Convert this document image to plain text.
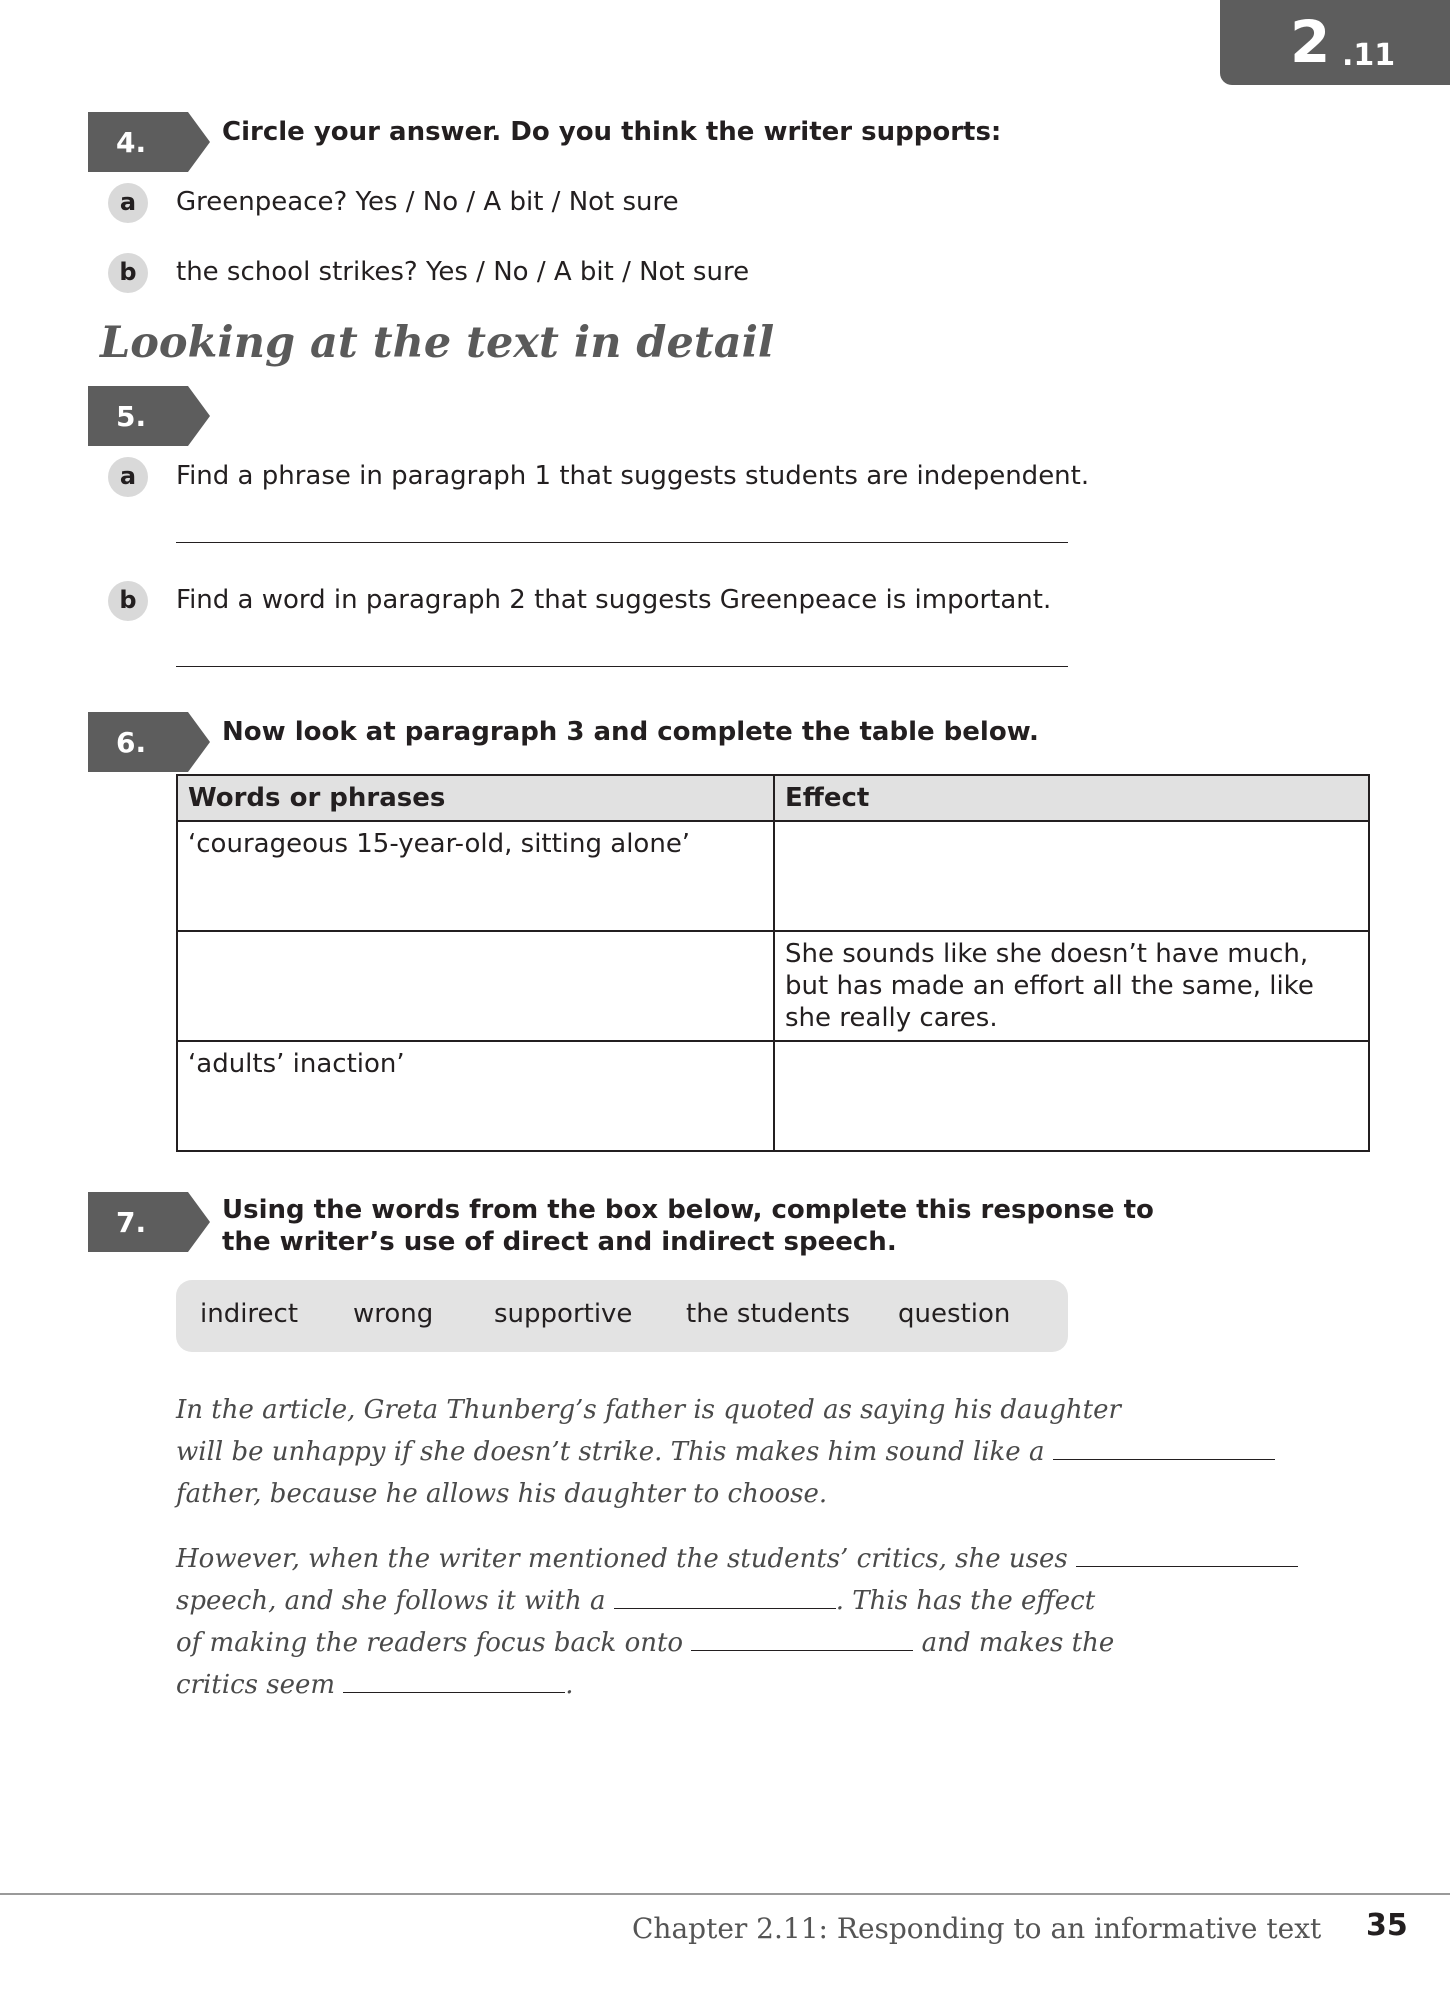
2 .11
4.	Circle your answer. Do you think the writer supports:
a	Greenpeace? Yes / No / A bit / Not sure
b	the school strikes? Yes / No / A bit / Not sure
Looking at the text in detail
5.
a	Find a phrase in paragraph 1 that suggests students are independent.
b	Find a word in paragraph 2 that suggests Greenpeace is important.
6.	Now look at paragraph 3 and complete the table below.
Words or phrases	Effect
‘courageous 15-year-old, sitting alone’	
	She sounds like she doesn’t have much, but has made an effort all the same, like she really cares.
‘adults’ inaction’	
7.	Using the words from the box below, complete this response to
the writer’s use of direct and indirect speech.
indirect wrong supportive the students question
In the article, Greta Thunberg’s father is quoted as saying his daughter
will be unhappy if she doesn’t strike. This makes him sound like a
father, because he allows his daughter to choose.
However, when the writer mentioned the students’ critics, she uses
speech, and she follows it with a	. This has the effect
of making the readers focus back onto	and makes the
critics seem	.
Chapter 2.11: Responding to an informative text 35
